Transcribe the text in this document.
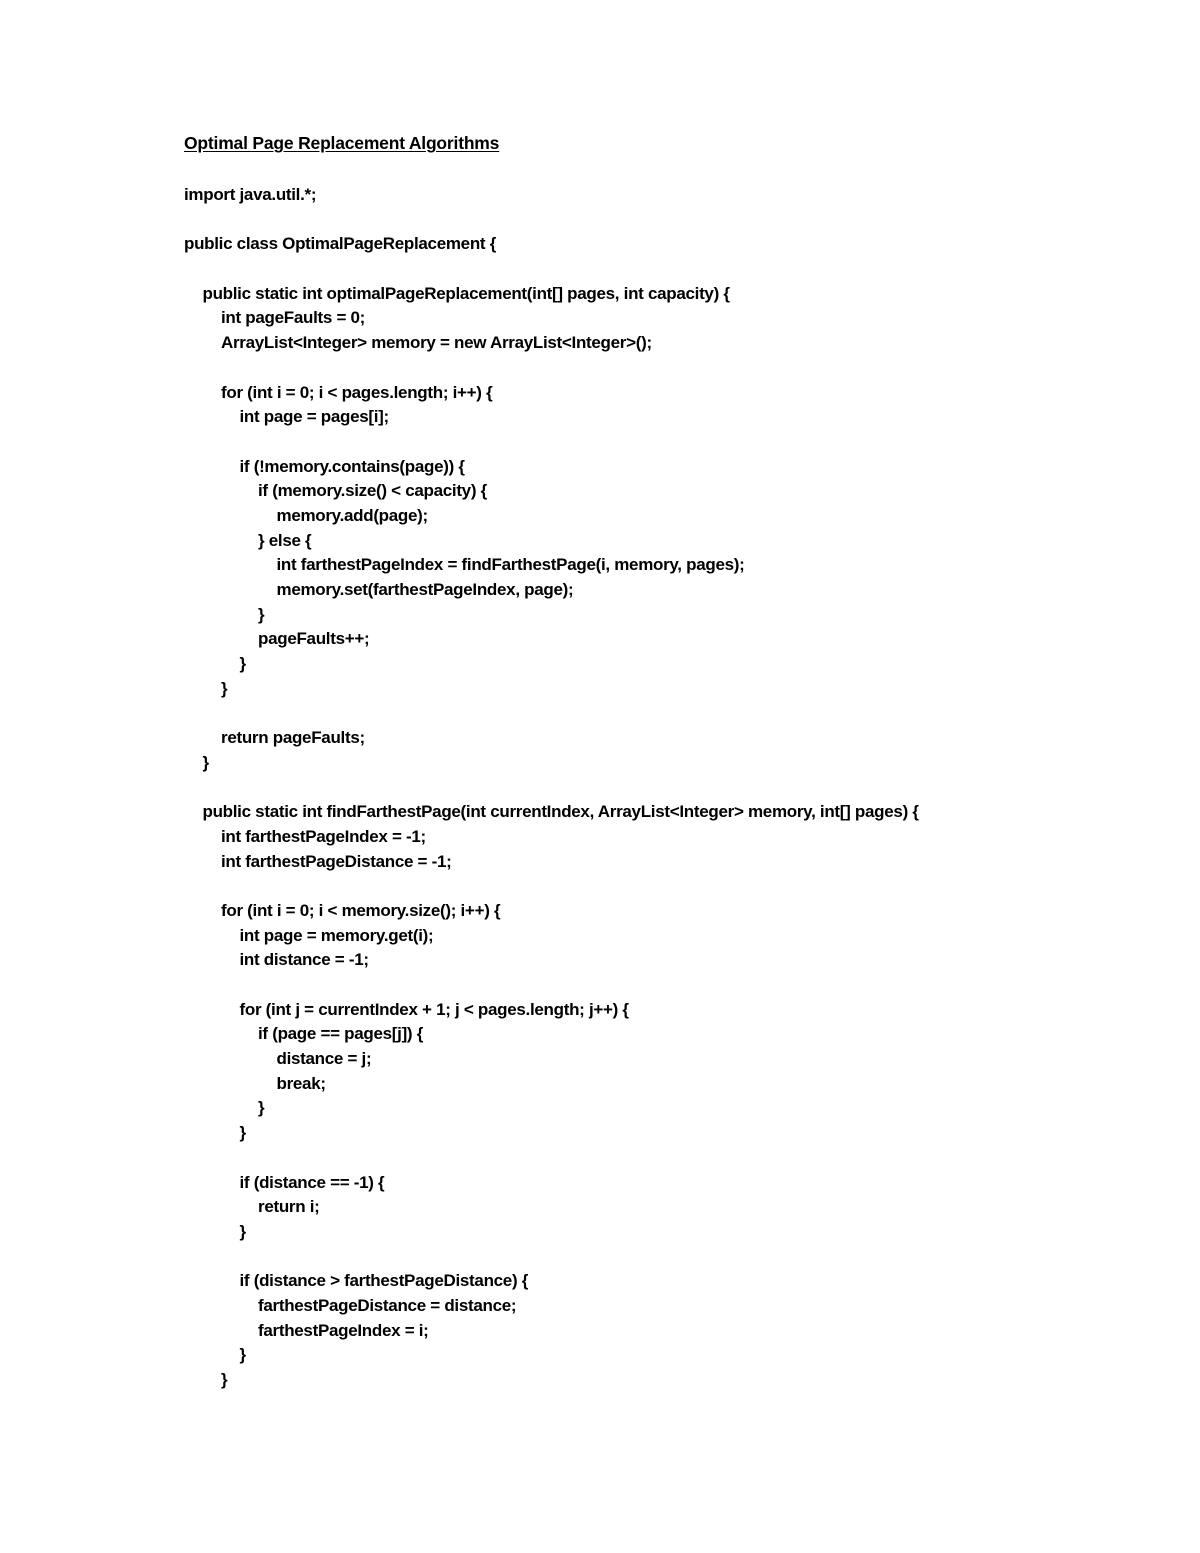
Optimal Page Replacement Algorithms
import java.util.*;
public class OptimalPageReplacement {
public static int optimalPageReplacement(int[] pages, int capacity) {
int pageFaults = 0;
ArrayList<Integer> memory = new ArrayList<Integer>();
for (int i = 0; i < pages.length; i++) {
int page = pages[i];
if (!memory.contains(page)) {
if (memory.size() < capacity) {
memory.add(page);
} else {
int farthestPageIndex = findFarthestPage(i, memory, pages);
memory.set(farthestPageIndex, page);
}
pageFaults++;
}
}
return pageFaults;
}
public static int findFarthestPage(int currentIndex, ArrayList<Integer> memory, int[] pages) {
int farthestPageIndex = -1;
int farthestPageDistance = -1;
for (int i = 0; i < memory.size(); i++) {
int page = memory.get(i);
int distance = -1;
for (int j = currentIndex + 1; j < pages.length; j++) {
if (page == pages[j]) {
distance = j;
break;
}
}
if (distance == -1) {
return i;
}
if (distance > farthestPageDistance) {
farthestPageDistance = distance;
farthestPageIndex = i;
}
}
